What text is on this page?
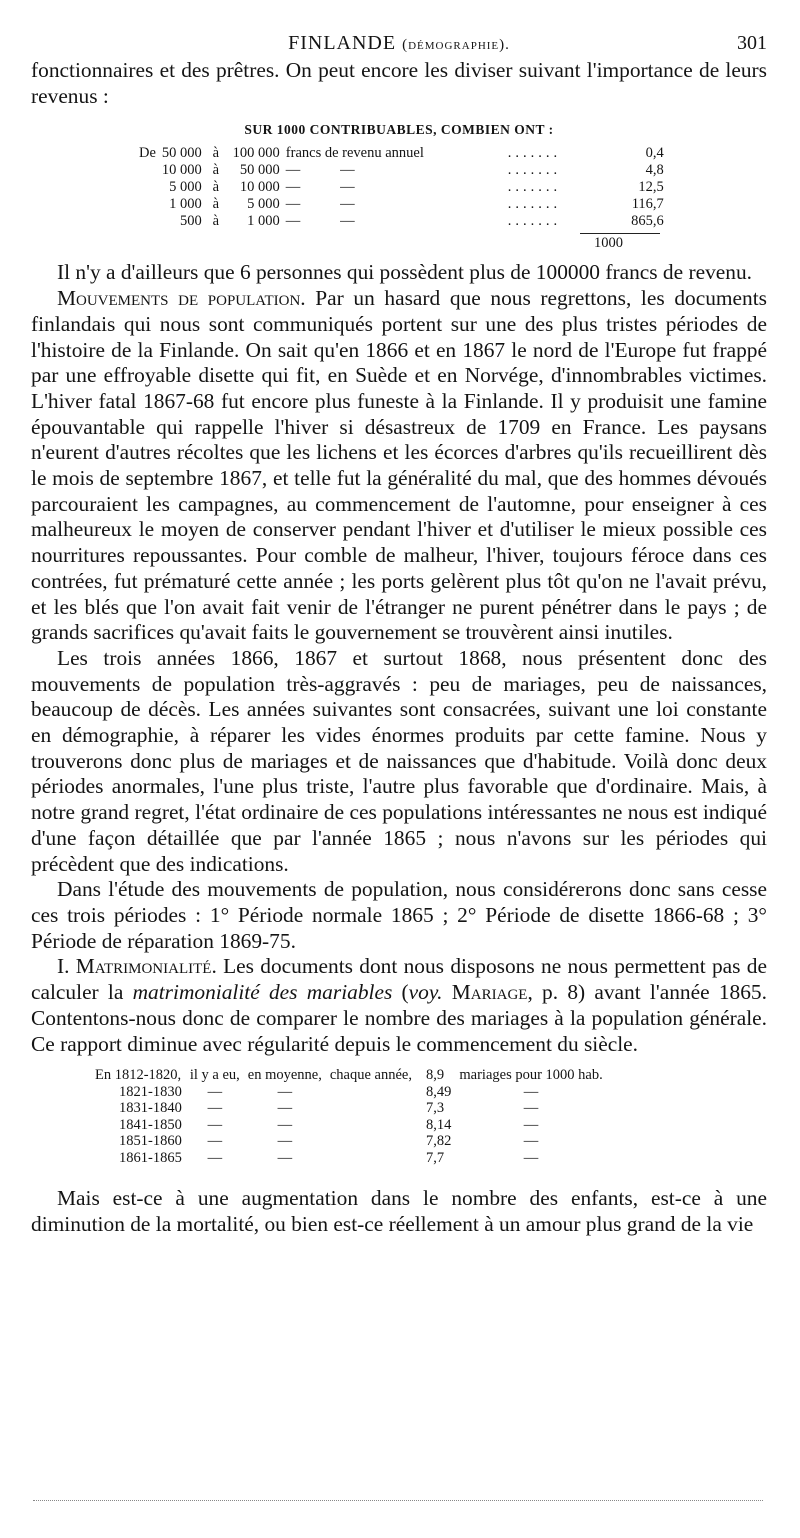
FINLANDE (démographie).	301

fonctionnaires et des prêtres. On peut encore les diviser suivant l'importance de leurs revenus :

SUR 1000 CONTRIBUABLES, COMBIEN ONT :
De 50 000	à	100 000	francs de revenu annuel	.......	0,4
10 000	à	50 000	—           —	.......	4,8
5 000	à	10 000	—           —	.......	12,5
1 000	à	5 000	—           —	.......	116,7
500	à	1 000	—           —	.......	865,6
1000

Il n'y a d'ailleurs que 6 personnes qui possèdent plus de 100000 francs de revenu.

Mouvements de population. Par un hasard que nous regrettons, les documents finlandais qui nous sont communiqués portent sur une des plus tristes périodes de l'histoire de la Finlande. On sait qu'en 1866 et en 1867 le nord de l'Europe fut frappé par une effroyable disette qui fit, en Suède et en Norvége, d'innombrables victimes. L'hiver fatal 1867-68 fut encore plus funeste à la Finlande. Il y produisit une famine épouvantable qui rappelle l'hiver si désastreux de 1709 en France. Les paysans n'eurent d'autres récoltes que les lichens et les écorces d'arbres qu'ils recueillirent dès le mois de septembre 1867, et telle fut la généralité du mal, que des hommes dévoués parcouraient les campagnes, au commencement de l'automne, pour enseigner à ces malheureux le moyen de conserver pendant l'hiver et d'utiliser le mieux possible ces nourritures repoussantes. Pour comble de malheur, l'hiver, toujours féroce dans ces contrées, fut prématuré cette année ; les ports gelèrent plus tôt qu'on ne l'avait prévu, et les blés que l'on avait fait venir de l'étranger ne purent pénétrer dans le pays ; de grands sacrifices qu'avait faits le gouvernement se trouvèrent ainsi inutiles.

Les trois années 1866, 1867 et surtout 1868, nous présentent donc des mouvements de population très-aggravés : peu de mariages, peu de naissances, beaucoup de décès. Les années suivantes sont consacrées, suivant une loi constante en démographie, à réparer les vides énormes produits par cette famine. Nous y trouverons donc plus de mariages et de naissances que d'habitude. Voilà donc deux périodes anormales, l'une plus triste, l'autre plus favorable que d'ordinaire. Mais, à notre grand regret, l'état ordinaire de ces populations intéressantes ne nous est indiqué d'une façon détaillée que par l'année 1865 ; nous n'avons sur les périodes qui précèdent que des indications.

Dans l'étude des mouvements de population, nous considérerons donc sans cesse ces trois périodes : 1° Période normale 1865 ; 2° Période de disette 1866-68 ; 3° Période de réparation 1869-75.

I. Matrimonialité. Les documents dont nous disposons ne nous permettent pas de calculer la matrimonialité des mariables (voy. Mariage, p. 8) avant l'année 1865. Contentons-nous donc de comparer le nombre des mariages à la population générale. Ce rapport diminue avec régularité depuis le commencement du siècle.

En 1812-1820,	il y a eu,	en moyenne,	chaque année,	8,9	mariages pour 1000 hab.
1821-1830	—	—		8,49	—
1831-1840	—	—		7,3	—
1841-1850	—	—		8,14	—
1851-1860	—	—		7,82	—
1861-1865	—	—		7,7	—

Mais est-ce à une augmentation dans le nombre des enfants, est-ce à une diminution de la mortalité, ou bien est-ce réellement à un amour plus grand de la vie
